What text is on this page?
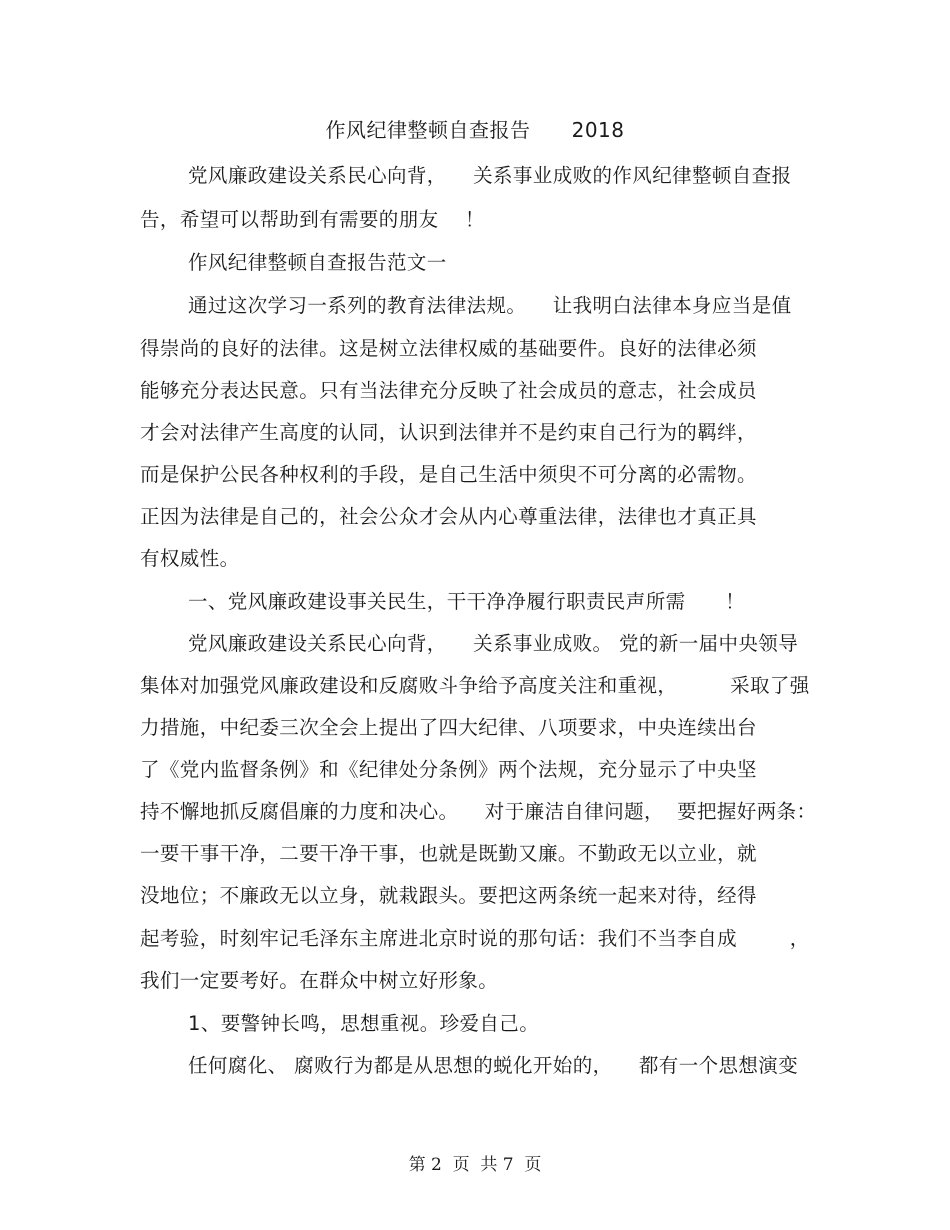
作风纪律整顿自查报告      2018
党风廉政建设关系民心向背，    关系事业成败的作风纪律整顿自查报
告，希望可以帮助到有需要的朋友    ！
作风纪律整顿自查报告范文一
通过这次学习一系列的教育法律法规。    让我明白法律本身应当是值
得崇尚的良好的法律。这是树立法律权威的基础要件。良好的法律必须
能够充分表达民意。只有当法律充分反映了社会成员的意志，社会成员
才会对法律产生高度的认同，认识到法律并不是约束自己行为的羁绊，
而是保护公民各种权利的手段，是自己生活中须臾不可分离的必需物。
正因为法律是自己的，社会公众才会从内心尊重法律，法律也才真正具
有权威性。
一、党风廉政建设事关民生，干干净净履行职责民声所需      ！
党风廉政建设关系民心向背，    关系事业成败。 党的新一届中央领导
集体对加强党风廉政建设和反腐败斗争给予高度关注和重视，        采取了强
力措施，中纪委三次全会上提出了四大纪律、八项要求，中央连续出台
了《党内监督条例》和《纪律处分条例》两个法规，充分显示了中央坚
持不懈地抓反腐倡廉的力度和决心。    对于廉洁自律问题，  要把握好两条：
一要干事干净，二要干净干事，也就是既勤又廉。不勤政无以立业，就
没地位；不廉政无以立身，就栽跟头。要把这两条统一起来对待，经得
起考验，时刻牢记毛泽东主席进北京时说的那句话：我们不当李自成        ，
我们一定要考好。在群众中树立好形象。
1、要警钟长鸣，思想重视。珍爱自己。
任何腐化、 腐败行为都是从思想的蜕化开始的，    都有一个思想演变
第 2  页  共 7  页
